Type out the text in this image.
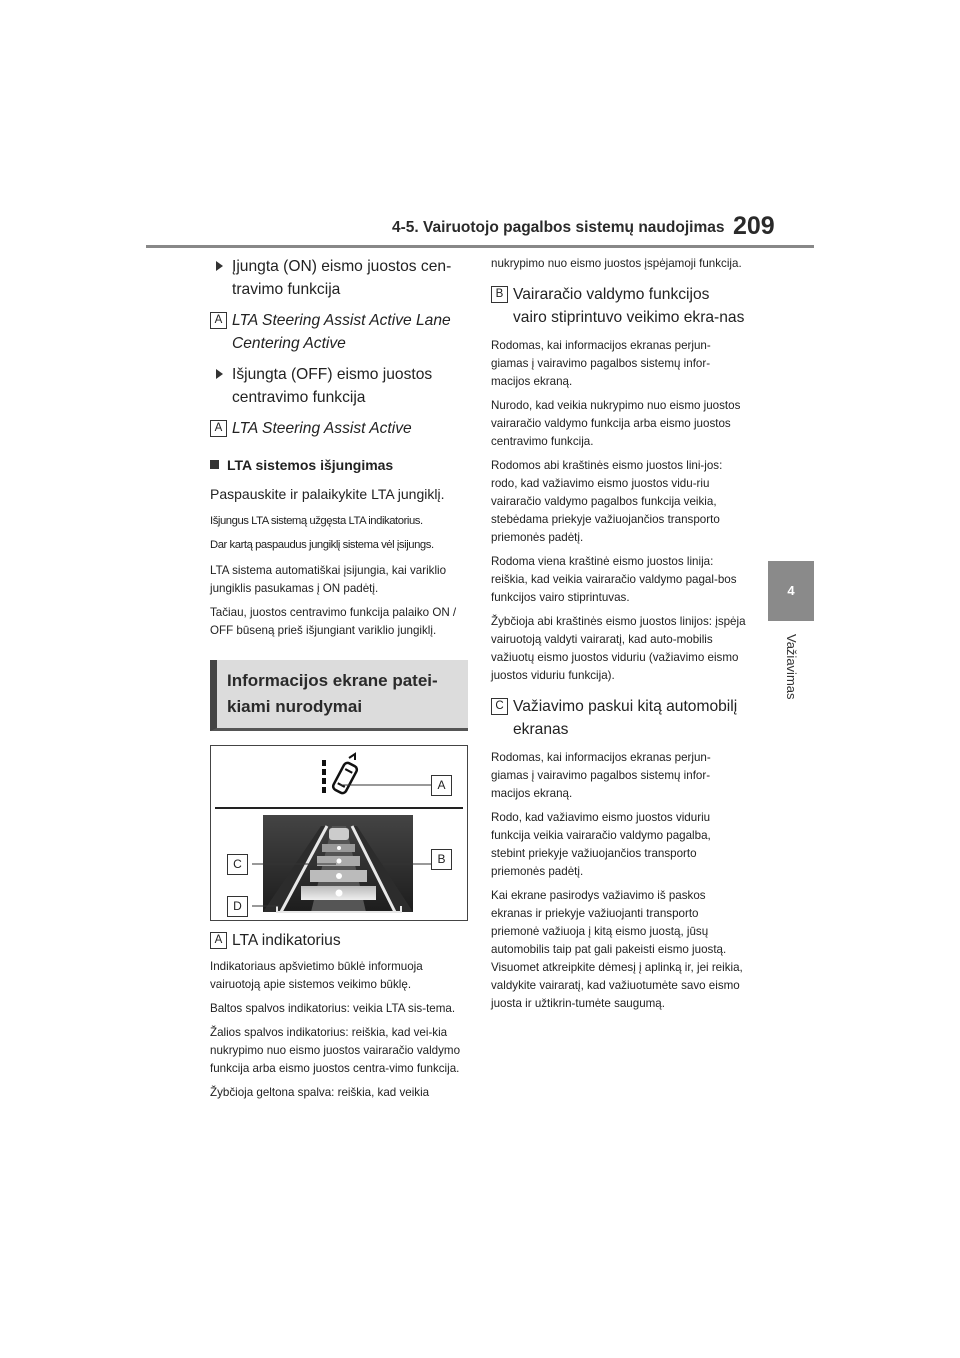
4-5. Vairuotojo pagalbos sistemų naudojimas 209
4
Važiavimas
Įjungta (ON) eismo juostos cen-travimo funkcija
A LTA Steering Assist Active Lane Centering Active
Išjungta (OFF) eismo juostos centravimo funkcija
A LTA Steering Assist Active
LTA sistemos išjungimas

Paspauskite ir palaikykite LTA jungiklį.

Išjungus LTA sistemą užgęsta LTA indikatorius.

Dar kartą paspaudus jungiklį sistema vėl įsijungs.

LTA sistema automatiškai įsijungia, kai variklio jungiklis pasukamas į ON padėtį.

Tačiau, juostos centravimo funkcija palaiko ON / OFF būseną prieš išjungiant variklio jungiklį.

Informacijos ekrane patei-kiami nurodymai
A
B
C
D
A LTA indikatorius

Indikatoriaus apšvietimo būklė informuoja vairuotoją apie sistemos veikimo būklę.

Baltos spalvos indikatorius: veikia LTA sis-tema.

Žalios spalvos indikatorius: reiškia, kad vei-kia nukrypimo nuo eismo juostos vairaračio valdymo funkcija arba eismo juostos centra-vimo funkcija.

Žybčioja geltona spalva: reiškia, kad veikia

nukrypimo nuo eismo juostos įspėjamoji funkcija.

B Vairaračio valdymo funkcijos vairo stiprintuvo veikimo ekra-nas

Rodomas, kai informacijos ekranas perjun-giamas į vairavimo pagalbos sistemų infor-macijos ekraną.

Nurodo, kad veikia nukrypimo nuo eismo juostos vairaračio valdymo funkcija arba eismo juostos centravimo funkcija.

Rodomos abi kraštinės eismo juostos lini-jos: rodo, kad važiavimo eismo juostos vidu-riu vairaračio valdymo pagalbos funkcija veikia, stebėdama priekyje važiuojančios transporto priemonės padėtį.

Rodoma viena kraštinė eismo juostos linija: reiškia, kad veikia vairaračio valdymo pagal-bos funkcijos vairo stiprintuvas.

Žybčioja abi kraštinės eismo juostos linijos: įspėja vairuotoją valdyti vairaratį, kad auto-mobilis važiuotų eismo juostos viduriu (važiavimo eismo juostos viduriu funkcija).

C Važiavimo paskui kitą automobilį ekranas

Rodomas, kai informacijos ekranas perjun-giamas į vairavimo pagalbos sistemų infor-macijos ekraną.

Rodo, kad važiavimo eismo juostos viduriu funkcija veikia vairaračio valdymo pagalba, stebint priekyje važiuojančios transporto priemonės padėtį.

Kai ekrane pasirodys važiavimo iš paskos ekranas ir priekyje važiuojanti transporto priemonė važiuoja į kitą eismo juostą, jūsų automobilis taip pat gali pakeisti eismo juostą. Visuomet atkreipkite dėmesį į aplinką ir, jei reikia, valdykite vairaratį, kad važiuotumėte savo eismo juosta ir užtikrin-tumėte saugumą.
